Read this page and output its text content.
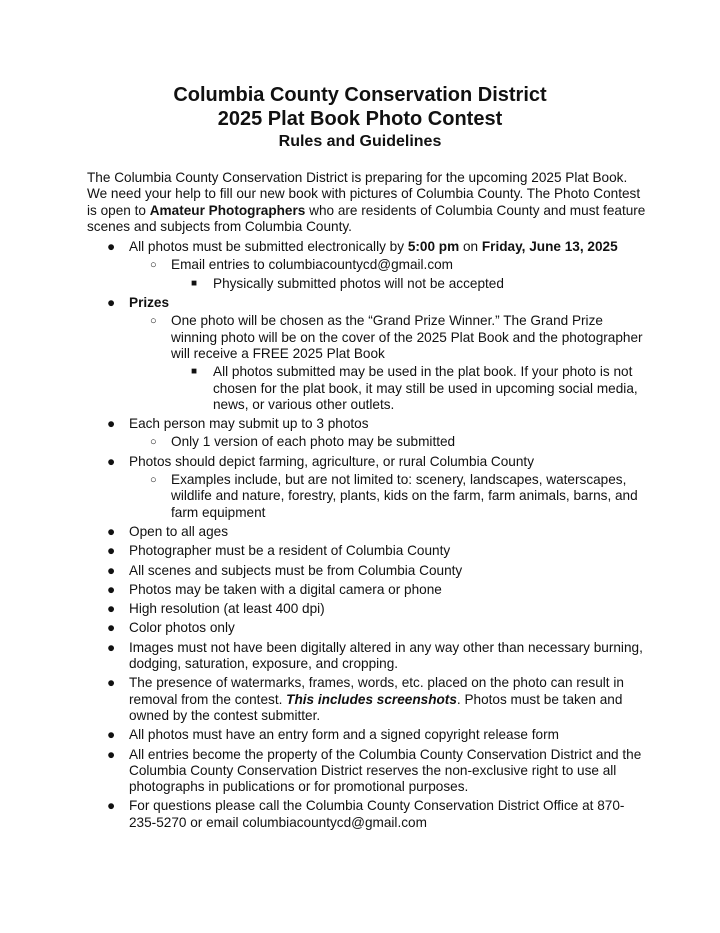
Columbia County Conservation District
2025 Plat Book Photo Contest
Rules and Guidelines

The Columbia County Conservation District is preparing for the upcoming 2025 Plat Book. We need your help to fill our new book with pictures of Columbia County. The Photo Contest is open to Amateur Photographers who are residents of Columbia County and must feature scenes and subjects from Columbia County.

● All photos must be submitted electronically by 5:00 pm on Friday, June 13, 2025
○ Email entries to columbiacountycd@gmail.com
■ Physically submitted photos will not be accepted
● Prizes
○ One photo will be chosen as the “Grand Prize Winner.” The Grand Prize winning photo will be on the cover of the 2025 Plat Book and the photographer will receive a FREE 2025 Plat Book
■ All photos submitted may be used in the plat book. If your photo is not chosen for the plat book, it may still be used in upcoming social media, news, or various other outlets.
● Each person may submit up to 3 photos
○ Only 1 version of each photo may be submitted
● Photos should depict farming, agriculture, or rural Columbia County
○ Examples include, but are not limited to: scenery, landscapes, waterscapes, wildlife and nature, forestry, plants, kids on the farm, farm animals, barns, and farm equipment
● Open to all ages
● Photographer must be a resident of Columbia County
● All scenes and subjects must be from Columbia County
● Photos may be taken with a digital camera or phone
● High resolution (at least 400 dpi)
● Color photos only
● Images must not have been digitally altered in any way other than necessary burning, dodging, saturation, exposure, and cropping.
● The presence of watermarks, frames, words, etc. placed on the photo can result in removal from the contest. This includes screenshots. Photos must be taken and owned by the contest submitter.
● All photos must have an entry form and a signed copyright release form
● All entries become the property of the Columbia County Conservation District and the Columbia County Conservation District reserves the non-exclusive right to use all photographs in publications or for promotional purposes.
● For questions please call the Columbia County Conservation District Office at 870-235-5270 or email columbiacountycd@gmail.com
